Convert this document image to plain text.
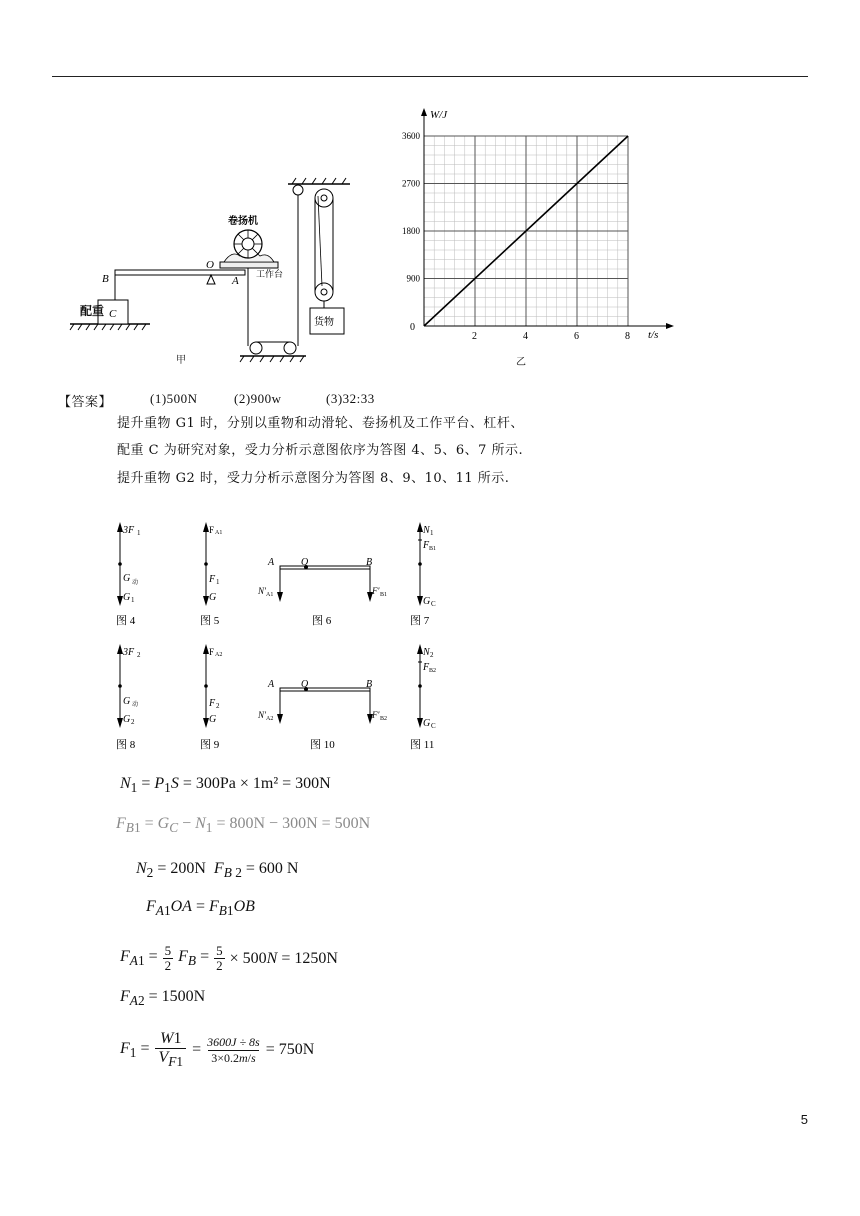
C
B
O
卷扬机
A
工作台
货物
配重
甲
2	4	6	8
900
1800
2700
3600
W/J
t/s
0
乙
【答案】	(1)500N	(2)900w	(3)32:33
提升重物 G1 时，分别以重物和动滑轮、卷扬机及工作平台、杠杆、
配重 C 为研究对象，受力分析示意图依序为答图 4、5、6、7 所示.
提升重物 G2 时，受力分析示意图分为答图 8、9、10、11 所示.
3F 1
G 动
G 1
图 4
F A1
F 1
G
图 5
A	O	B
N′ A1	F′ B1
图 6
N 1
F B1
G C
图 7
3F 2
G 动
G 2
图 8
F A2
F 2
G
图 9
A	O	B
N′ A2	F′ B2
图 10
N 2
F B2
G C
图 11
$N_1 = P_1S = 300Pa \times 1m^2 = 300N$
$F_{B1} = G_C - N_1 = 800N - 300N = 500N$
$N_2 = 200N$ $F_{B 2} = 600$ N
$F_{A1}OA = F_{B1}OB$
$F_{A1} = \frac{5}{2} F_B = \frac{5}{2} \times 500N = 1250N$
$F_{A2} = 1500N$
$F_1 = \frac{W1}{V_{F1}} = \frac{3600J \div 8s}{3\times 0.2m/s} = 750N$
5
